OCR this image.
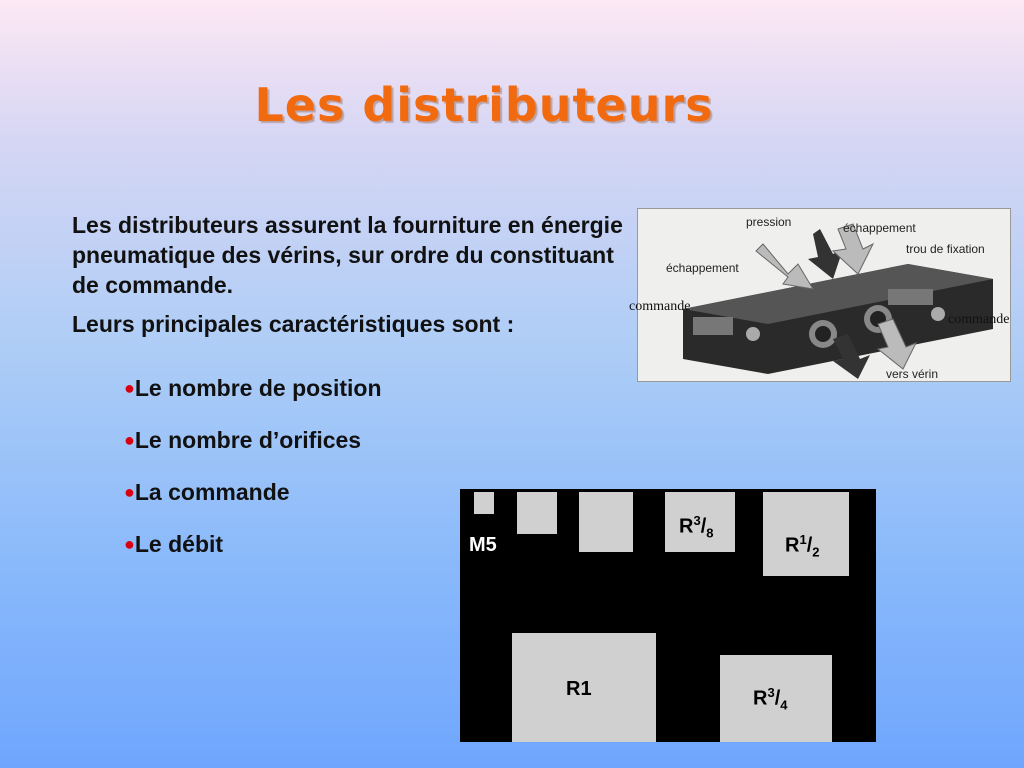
Les distributeurs

Les distributeurs assurent la fourniture en énergie pneumatique des vérins, sur ordre du constituant de commande.

Leurs principales caractéristiques sont :

●Le nombre de position
●Le nombre d’orifices
●La commande
●Le débit
pression	échappement
trou de fixation
échappement
vers vérin
commande
commande
M5
$R^1/_8$ $R^1/_4$
$R^3/_8$
$R^1/_2$
R1	$R^3/_4$
